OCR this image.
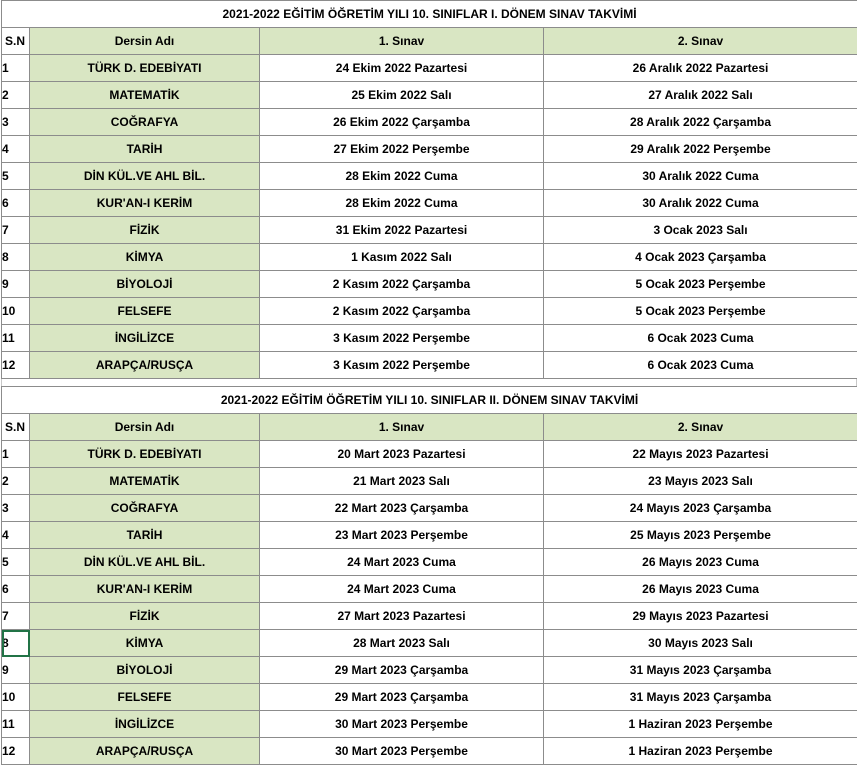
2021-2022 EĞİTİM ÖĞRETİM YILI 10. SINIFLAR I. DÖNEM SINAV TAKVİMİ			
S.N	Dersin Adı	1. Sınav	2. Sınav
1	TÜRK D. EDEBİYATI	24 Ekim 2022 Pazartesi	26 Aralık 2022 Pazartesi
2	MATEMATİK	25 Ekim 2022 Salı	27 Aralık 2022 Salı
3	COĞRAFYA	26 Ekim 2022 Çarşamba	28 Aralık 2022 Çarşamba
4	TARİH	27 Ekim 2022 Perşembe	29 Aralık 2022 Perşembe
5	DİN KÜL.VE AHL BİL.	28 Ekim 2022 Cuma	30 Aralık 2022 Cuma
6	KUR'AN-I KERİM	28 Ekim 2022 Cuma	30 Aralık 2022 Cuma
7	FİZİK	31 Ekim 2022 Pazartesi	3 Ocak 2023 Salı
8	KİMYA	1 Kasım 2022 Salı	4 Ocak 2023 Çarşamba
9	BİYOLOJİ	2 Kasım 2022 Çarşamba	5 Ocak 2023 Perşembe
10	FELSEFE	2 Kasım 2022 Çarşamba	5 Ocak 2023 Perşembe
11	İNGİLİZCE	3 Kasım 2022 Perşembe	6 Ocak 2023 Cuma
12	ARAPÇA/RUSÇA	3 Kasım 2022 Perşembe	6 Ocak 2023 Cuma
2021-2022 EĞİTİM ÖĞRETİM YILI 10. SINIFLAR II. DÖNEM SINAV TAKVİMİ			
S.N	Dersin Adı	1. Sınav	2. Sınav
1	TÜRK D. EDEBİYATI	20 Mart 2023 Pazartesi	22 Mayıs 2023 Pazartesi
2	MATEMATİK	21 Mart 2023 Salı	23 Mayıs 2023 Salı
3	COĞRAFYA	22 Mart 2023 Çarşamba	24 Mayıs 2023 Çarşamba
4	TARİH	23 Mart 2023 Perşembe	25 Mayıs 2023 Perşembe
5	DİN KÜL.VE AHL BİL.	24 Mart 2023 Cuma	26 Mayıs 2023 Cuma
6	KUR'AN-I KERİM	24 Mart 2023 Cuma	26 Mayıs 2023 Cuma
7	FİZİK	27 Mart 2023 Pazartesi	29 Mayıs 2023 Pazartesi
8	KİMYA	28 Mart 2023 Salı	30 Mayıs 2023 Salı
9	BİYOLOJİ	29 Mart 2023 Çarşamba	31 Mayıs 2023 Çarşamba
10	FELSEFE	29 Mart 2023 Çarşamba	31 Mayıs 2023 Çarşamba
11	İNGİLİZCE	30 Mart 2023 Perşembe	1 Haziran 2023 Perşembe
12	ARAPÇA/RUSÇA	30 Mart 2023 Perşembe	1 Haziran 2023 Perşembe
